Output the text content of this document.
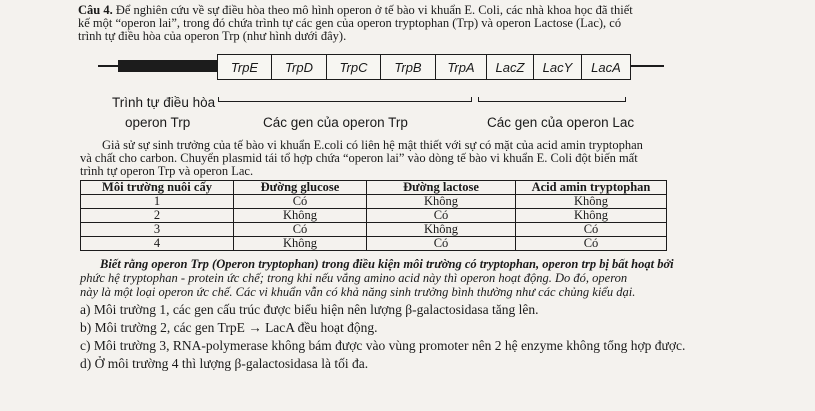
Câu 4. Để nghiên cứu về sự điều hòa theo mô hình operon ở tế bào vi khuẩn E. Coli, các nhà khoa học đã thiết
kế một “operon lai”, trong đó chứa trình tự các gen của operon tryptophan (Trp) và operon Lactose (Lac), có
trình tự điều hòa của operon Trp (như hình dưới đây).
TrpE	TrpD	TrpC	TrpB	TrpA	LacZ	LacY	LacA
Trình tự điều hòa
operon Trp	Các gen của operon Trp	Các gen của operon Lac
Giả sử sự sinh trưởng của tế bào vi khuẩn E.coli có liên hệ mật thiết với sự có mặt của acid amin tryptophan
và chất cho carbon. Chuyển plasmid tái tổ hợp chứa “operon lai” vào dòng tế bào vi khuẩn E. Coli đột biến mất
trình tự operon Trp và operon Lac.
Môi trường nuôi cấy	Đường glucose	Đường lactose	Acid amin tryptophan
1	Có	Không	Không
2	Không	Có	Không
3	Có	Không	Có
4	Không	Có	Có
Biết rằng operon Trp (Operon tryptophan) trong điều kiện môi trường có tryptophan, operon trp bị bất hoạt bởi
phức hệ tryptophan - protein ức chế; trong khi nếu vắng amino acid này thì operon hoạt động. Do đó, operon
này là một loại operon ức chế. Các vi khuẩn vẫn có khả năng sinh trưởng bình thường như các chủng kiểu dại.
a) Môi trường 1, các gen cấu trúc được biểu hiện nên lượng β-galactosidasa tăng lên.
b) Môi trường 2, các gen TrpE → LacA đều hoạt động.
c) Môi trường 3, RNA-polymerase không bám được vào vùng promoter nên 2 hệ enzyme không tổng hợp được.
d) Ở môi trường 4 thì lượng β-galactosidasa là tối đa.
